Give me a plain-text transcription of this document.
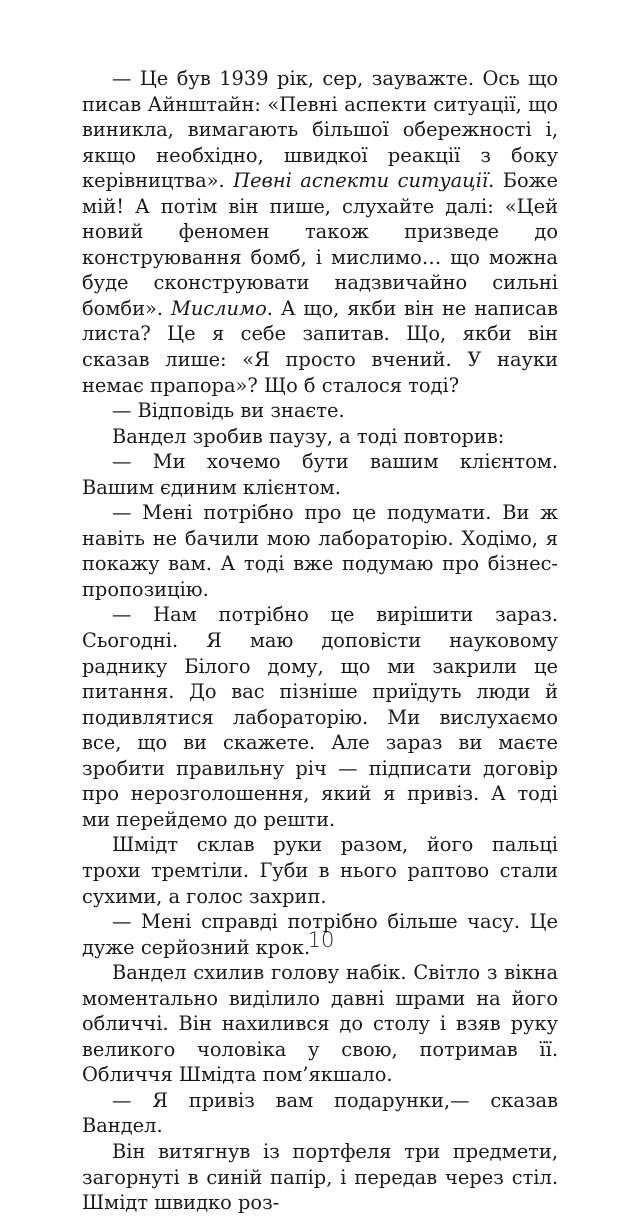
— Це був 1939 рік, сер, зауважте. Ось що писав Айнштайн: «Певні аспекти ситуації, що виникла, вимагають більшої обережності і, якщо необхідно, швидкої реакції з боку керівництва». Певні аспекти ситуації. Боже мій! А потім він пише, слухайте далі: «Цей новий феномен також призведе до конструювання бомб, і мислимо… що можна буде сконструювати надзвичайно сильні бомби». Мислимо. А що, якби він не написав листа? Це я себе запитав. Що, якби він сказав лише: «Я просто вчений. У науки немає прапора»? Що б сталося тоді?

— Відповідь ви знаєте.

Вандел зробив паузу, а тоді повторив:

— Ми хочемо бути вашим клієнтом. Вашим єдиним клієнтом.

— Мені потрібно про це подумати. Ви ж навіть не бачили мою лабораторію. Ходімо, я покажу вам. А тоді вже подумаю про бізнес-пропозицію.

— Нам потрібно це вирішити зараз. Сьогодні. Я маю доповісти науковому раднику Білого дому, що ми закрили це питання. До вас пізніше приїдуть люди й подивлятися лабораторію. Ми вислухаємо все, що ви скажете. Але зараз ви маєте зробити правильну річ — підписати договір про нерозголошення, який я привіз. А тоді ми перейдемо до решти.

Шмідт склав руки разом, його пальці трохи тремтіли. Губи в нього раптово стали сухими, а голос захрип.

— Мені справді потрібно більше часу. Це дуже серйозний крок.

Вандел схилив голову набік. Світло з вікна моментально виділило давні шрами на його обличчі. Він нахилився до столу і взяв руку великого чоловіка у свою, потримав її. Обличчя Шмідта пом’якшало.

— Я привіз вам подарунки,— сказав Вандел.

Він витягнув із портфеля три предмети, загорнуті в синій папір, і передав через стіл. Шмідт швидко роз-

10
